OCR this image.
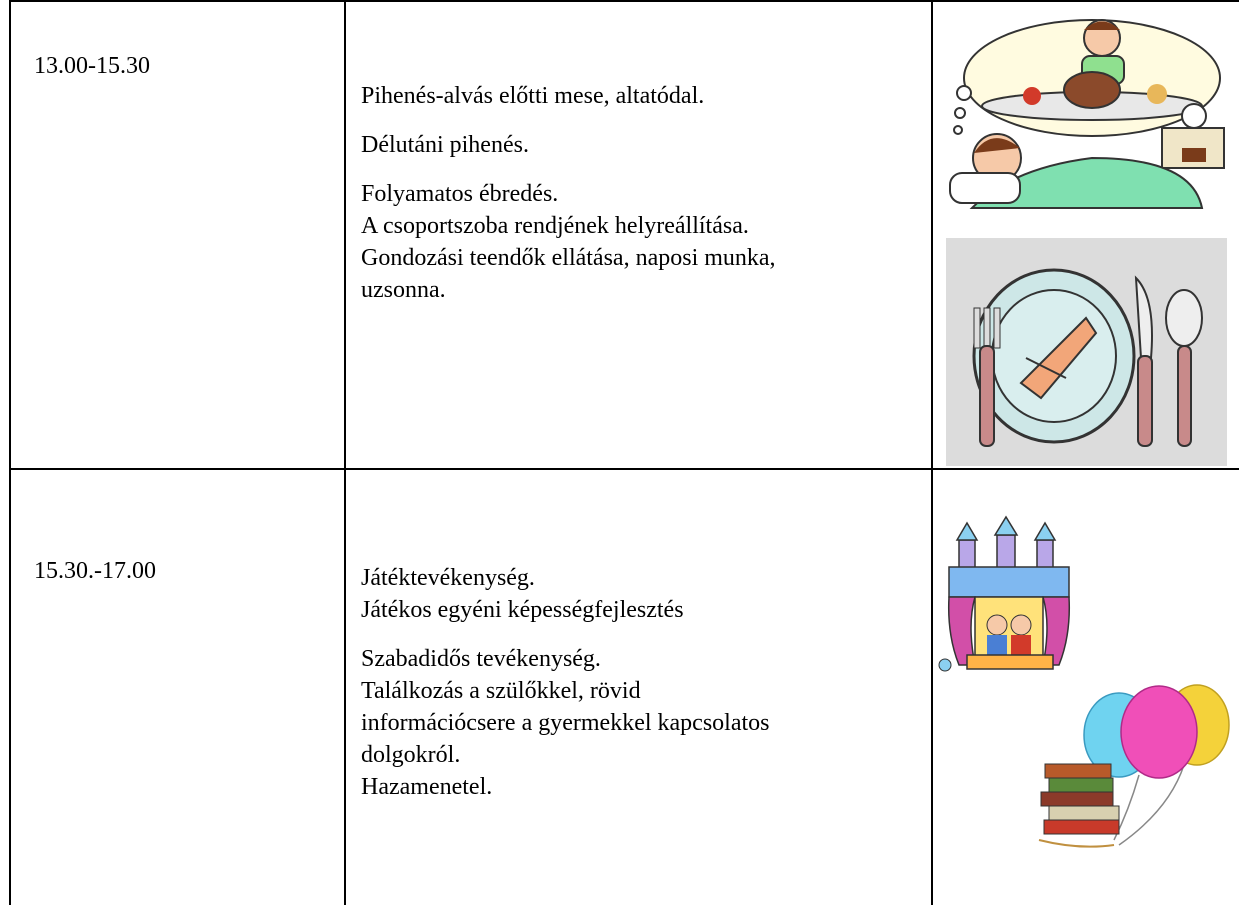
13.00-15.30

Pihenés-alvás előtti mese, altatódal.

Délutáni pihenés.

Folyamatos ébredés.

A csoportszoba rendjének helyreállítása.

Gondozási teendők ellátása, naposi munka,

uzsonna.

15.30.-17.00	Játéktevékenység.

Játékos egyéni képességfejlesztés

Szabadidős tevékenység.

Találkozás a szülőkkel, rövid

információcsere a gyermekkel kapcsolatos

dolgokról.

Hazamenetel.
